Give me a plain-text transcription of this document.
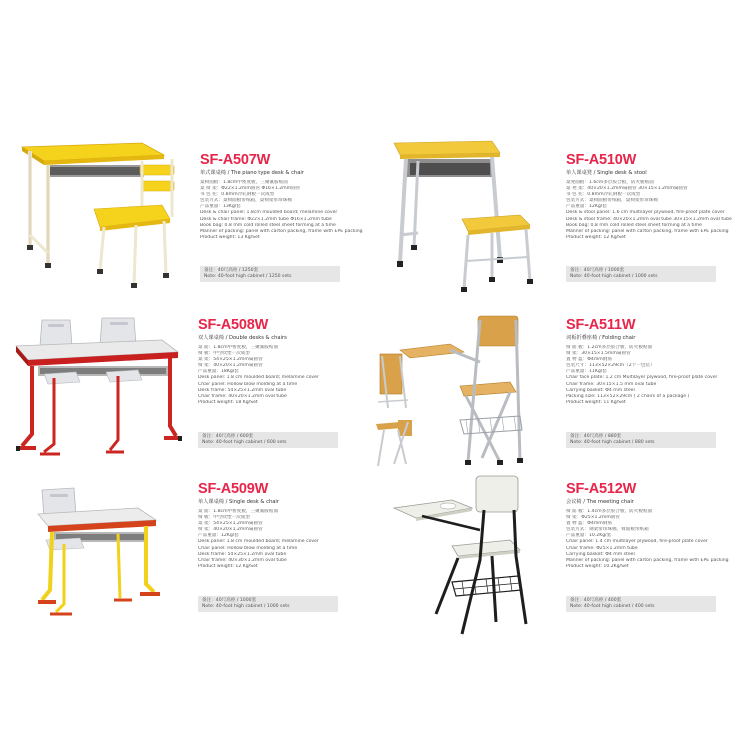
SF-A507W
单式课桌椅 / The piano type desk & chair
桌椅面板：1.8cm中密度板，三聚氰胺贴面
桌 椅 架：Φ22×1.2mm圆管 Φ16×1.2mm圆管
书 包 托：0.8mm冷轧钢板一次成型
包装方式：桌椅面板带纸箱，桌椅架带珍珠棉
产品重量：13Kg/套
Desk & chair panel: 1.8cm moulded board; melamine cover
Desk & chair frame: Φ22×1.2mm tube Φ16×1.2mm tube
Book bag: 0.8 mm cold rolled steel sheet forming at a time
Manner of packing: panel with carton packing, frame with EPE packing
Product weight: 13 Kg/Set
备注：40尺高柜 / 1250套
Note: 40-foot high cabinet / 1250 sets
SF-A510W
单人课桌凳 / Single desk & stool
桌凳面板：1.6cm多层胶合板，防火板贴面
桌 凳 架：40×20×1.2mm扁圆管 30×15×1.2mm扁圆管
书 包 托：0.8mm冷轧钢板一次成型
包装方式：桌椅面板带纸箱，桌椅架带珍珠棉
产品重量：12Kg/套
Desk & stool panel: 1.6 cm multilayer plywood, fire-proof plate cover
Desk & stool frame: 40×20×1.2mm oval tube 30×15×1.2mm oval tube
Book bag: 0.8 mm cold rolled steel sheet forming at a time
Manner of packing: panel with carton packing, frame with EPE packing
Product weight: 12 Kg/Set
备注：40尺高柜 / 1000套
Note: 40-foot high cabinet / 1000 sets
SF-A508W
双人课桌椅 / Double desks & chairs
桌 面：1.8cm中密度板，三聚氰胺贴面
椅 板：中空吹塑一次成型
桌 架：54×25×1.2mm扁圆管
椅 架：40×20×1.2mm扁圆管
产品重量：18Kg/套
Desk panel: 1.8 cm moulded board; melamine cover
Chair panel: Hollow blow molding at a time
Desk frame: 54×25×1.2mm oval tube
Chair frame: 40×20×1.2mm oval tube
Product weight: 18 Kg/Set
备注：40尺高柜 / 600套
Note: 40-foot high cabinet / 600 sets
SF-A511W
词板折叠座椅 / Folding chair
椅 面 板：1.2cm多层胶合板，防火板贴面
椅 架：30×15×1.5mm扁圆管
置 物 篮：Φ4mm钢筋
包装尺寸：113×52×29cm（2个一包装）
产品重量：11Kg/套
Chair face plate: 1.2 cm Multilayer plywood, fire-proof plate cover
Chair frame: 30×15×1.5 mm oval tube
Carrying basket: Φ4 mm steel
Packing size: 113×52×29cm ( 2 chairs of a package )
Product weight: 11 Kg/Set
备注：40尺高柜 / 880套
Note: 40-foot high cabinet / 880 sets
SF-A509W
单人课桌椅 / Single desk & chair
桌 面：1.8cm中密度板，三聚氰胺贴面
椅 板：中空吹塑一次成型
桌 架：54×25×1.2mm扁圆管
椅 架：40×20×1.2mm扁圆管
产品重量：12Kg/套
Desk panel: 1.8 cm moulded board; melamine cover
Chair panel: Hollow blow molding at a time
Desk frame: 54×25×1.2mm oval tube
Chair frame: 40×30×1.2mm oval tube
Product weight: 12 Kg/Set
备注：40尺高柜 / 1000套
Note: 40-foot high cabinet / 1000 sets
SF-A512W
会议椅 / The meeting chair
椅 面 板：1.4cm多层胶合板，防火板贴面
椅 架：Φ25×1.2mm圆管
置 物 篮：Φ4mm钢筋
包装方式：钢架带珍珠棉，椅面板带纸箱
产品重量：10.2Kg/套
Chair panel: 1.4 cm multilayer plywood, fire-proof plate cover
Chair frame: Φ25×1.2mm tube
Carrying basket: Φ4 mm steel
Manner of packing: panel with carton packing, frame with EPE packing
Product weight: 10.2Kg/Set
备注：40尺高柜 / 400套
Note: 40-foot high cabinet / 400 sets
